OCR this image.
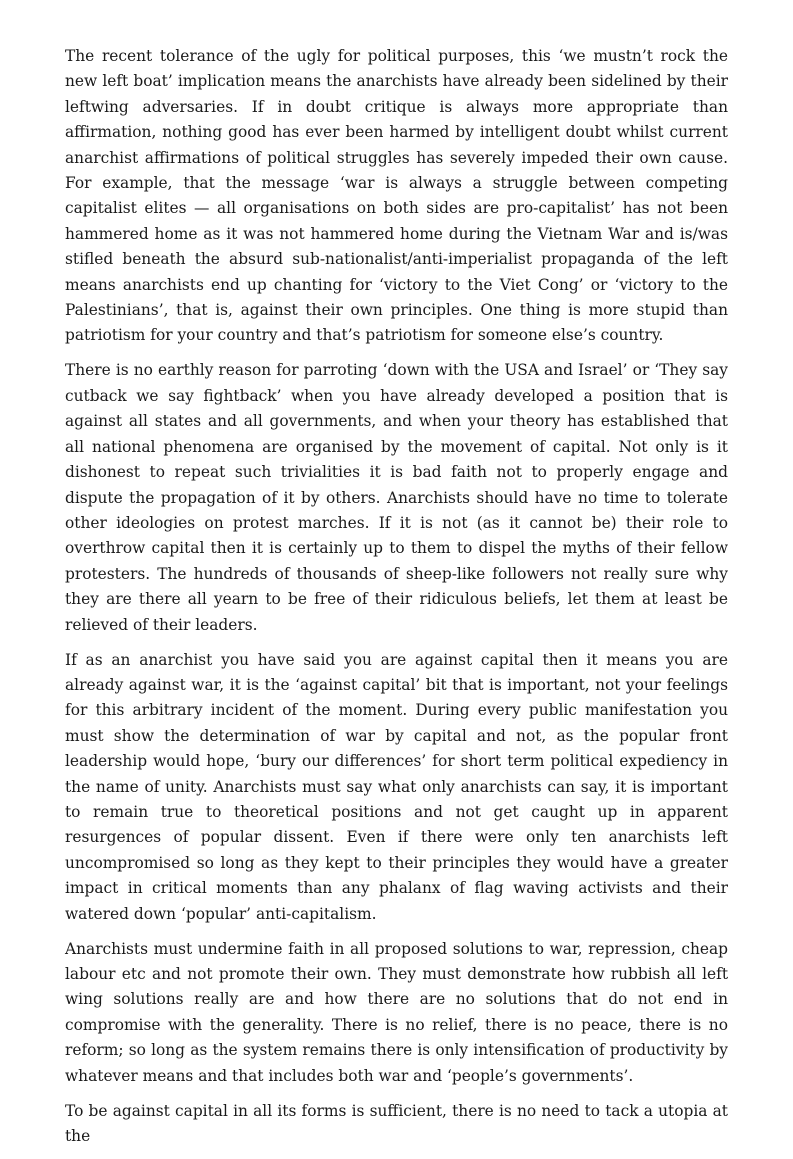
The recent tolerance of the ugly for political purposes, this ‘we mustn’t rock the new left boat’ implication means the anarchists have already been sidelined by their leftwing adversaries. If in doubt critique is always more appropriate than affirmation, nothing good has ever been harmed by intelligent doubt whilst current anarchist affirmations of political struggles has severely impeded their own cause. For example, that the message ‘war is always a struggle between competing capitalist elites — all organisations on both sides are pro-capitalist’ has not been hammered home as it was not hammered home during the Vietnam War and is/was stifled beneath the absurd sub-nationalist/anti-imperialist propaganda of the left means anarchists end up chanting for ‘victory to the Viet Cong’ or ‘victory to the Palestinians’, that is, against their own principles. One thing is more stupid than patriotism for your country and that’s patriotism for someone else’s country.

There is no earthly reason for parroting ‘down with the USA and Israel’ or ‘They say cutback we say fightback’ when you have already developed a position that is against all states and all governments, and when your theory has established that all national phenomena are organised by the movement of capital. Not only is it dishonest to repeat such trivialities it is bad faith not to properly engage and dispute the propagation of it by others. Anarchists should have no time to tolerate other ideologies on protest marches. If it is not (as it cannot be) their role to overthrow capital then it is certainly up to them to dispel the myths of their fellow protesters. The hundreds of thousands of sheep-like followers not really sure why they are there all yearn to be free of their ridiculous beliefs, let them at least be relieved of their leaders.

If as an anarchist you have said you are against capital then it means you are already against war, it is the ‘against capital’ bit that is important, not your feelings for this arbitrary incident of the moment. During every public manifestation you must show the determination of war by capital and not, as the popular front leadership would hope, ‘bury our differences’ for short term political expediency in the name of unity. Anarchists must say what only anarchists can say, it is important to remain true to theoretical positions and not get caught up in apparent resurgences of popular dissent. Even if there were only ten anarchists left uncompromised so long as they kept to their principles they would have a greater impact in critical moments than any phalanx of flag waving activists and their watered down ‘popular’ anti-capitalism.

Anarchists must undermine faith in all proposed solutions to war, repression, cheap labour etc and not promote their own. They must demonstrate how rubbish all left wing solutions really are and how there are no solutions that do not end in compromise with the generality. There is no relief, there is no peace, there is no reform; so long as the system remains there is only intensification of productivity by whatever means and that includes both war and ‘people’s governments’.

To be against capital in all its forms is sufficient, there is no need to tack a utopia at the
